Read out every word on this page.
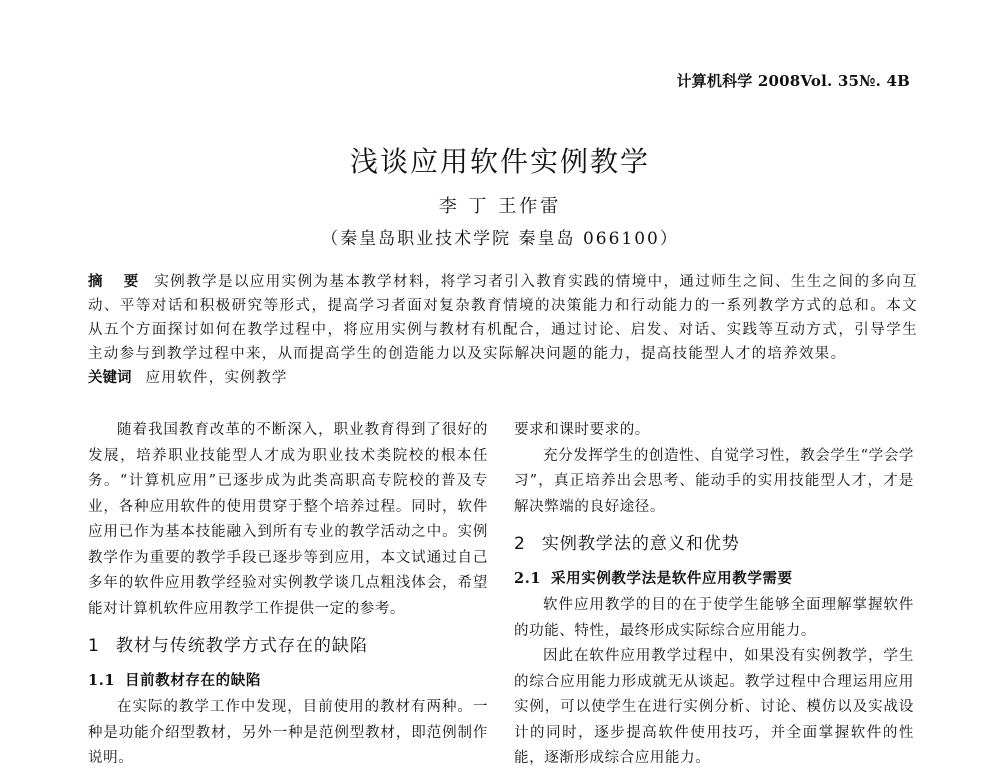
计算机科学 2008Vol. 35№. 4B
浅谈应用软件实例教学
李 丁 王作雷
（秦皇岛职业技术学院 秦皇岛 066100）
摘 要 实例教学是以应用实例为基本教学材料，将学习者引入教育实践的情境中，通过师生之间、生生之间的多向互动、平等对话和积极研究等形式，提高学习者面对复杂教育情境的决策能力和行动能力的一系列教学方式的总和。本文从五个方面探讨如何在教学过程中，将应用实例与教材有机配合，通过讨论、启发、对话、实践等互动方式，引导学生主动参与到教学过程中来，从而提高学生的创造能力以及实际解决问题的能力，提高技能型人才的培养效果。
关键词 应用软件，实例教学

随着我国教育改革的不断深入，职业教育得到了很好的发展，培养职业技能型人才成为职业技术类院校的根本任务。“计算机应用”已逐步成为此类高职高专院校的普及专业，各种应用软件的使用贯穿于整个培养过程。同时，软件应用已作为基本技能融入到所有专业的教学活动之中。实例教学作为重要的教学手段已逐步等到应用，本文试通过自己多年的软件应用教学经验对实例教学谈几点粗浅体会，希望能对计算机软件应用教学工作提供一定的参考。

1 教材与传统教学方式存在的缺陷
1.1 目前教材存在的缺陷

在实际的教学工作中发现，目前使用的教材有两种。一种是功能介绍型教材，另外一种是范例型教材，即范例制作说明。

要求和课时要求的。

充分发挥学生的创造性、自觉学习性，教会学生“学会学习”，真正培养出会思考、能动手的实用技能型人才，才是解决弊端的良好途径。

2 实例教学法的意义和优势
2.1 采用实例教学法是软件应用教学需要

软件应用教学的目的在于使学生能够全面理解掌握软件的功能、特性，最终形成实际综合应用能力。

因此在软件应用教学过程中，如果没有实例教学，学生的综合应用能力形成就无从谈起。教学过程中合理运用应用实例，可以使学生在进行实例分析、讨论、模仿以及实战设计的同时，逐步提高软件使用技巧，并全面掌握软件的性能，逐渐形成综合应用能力。
